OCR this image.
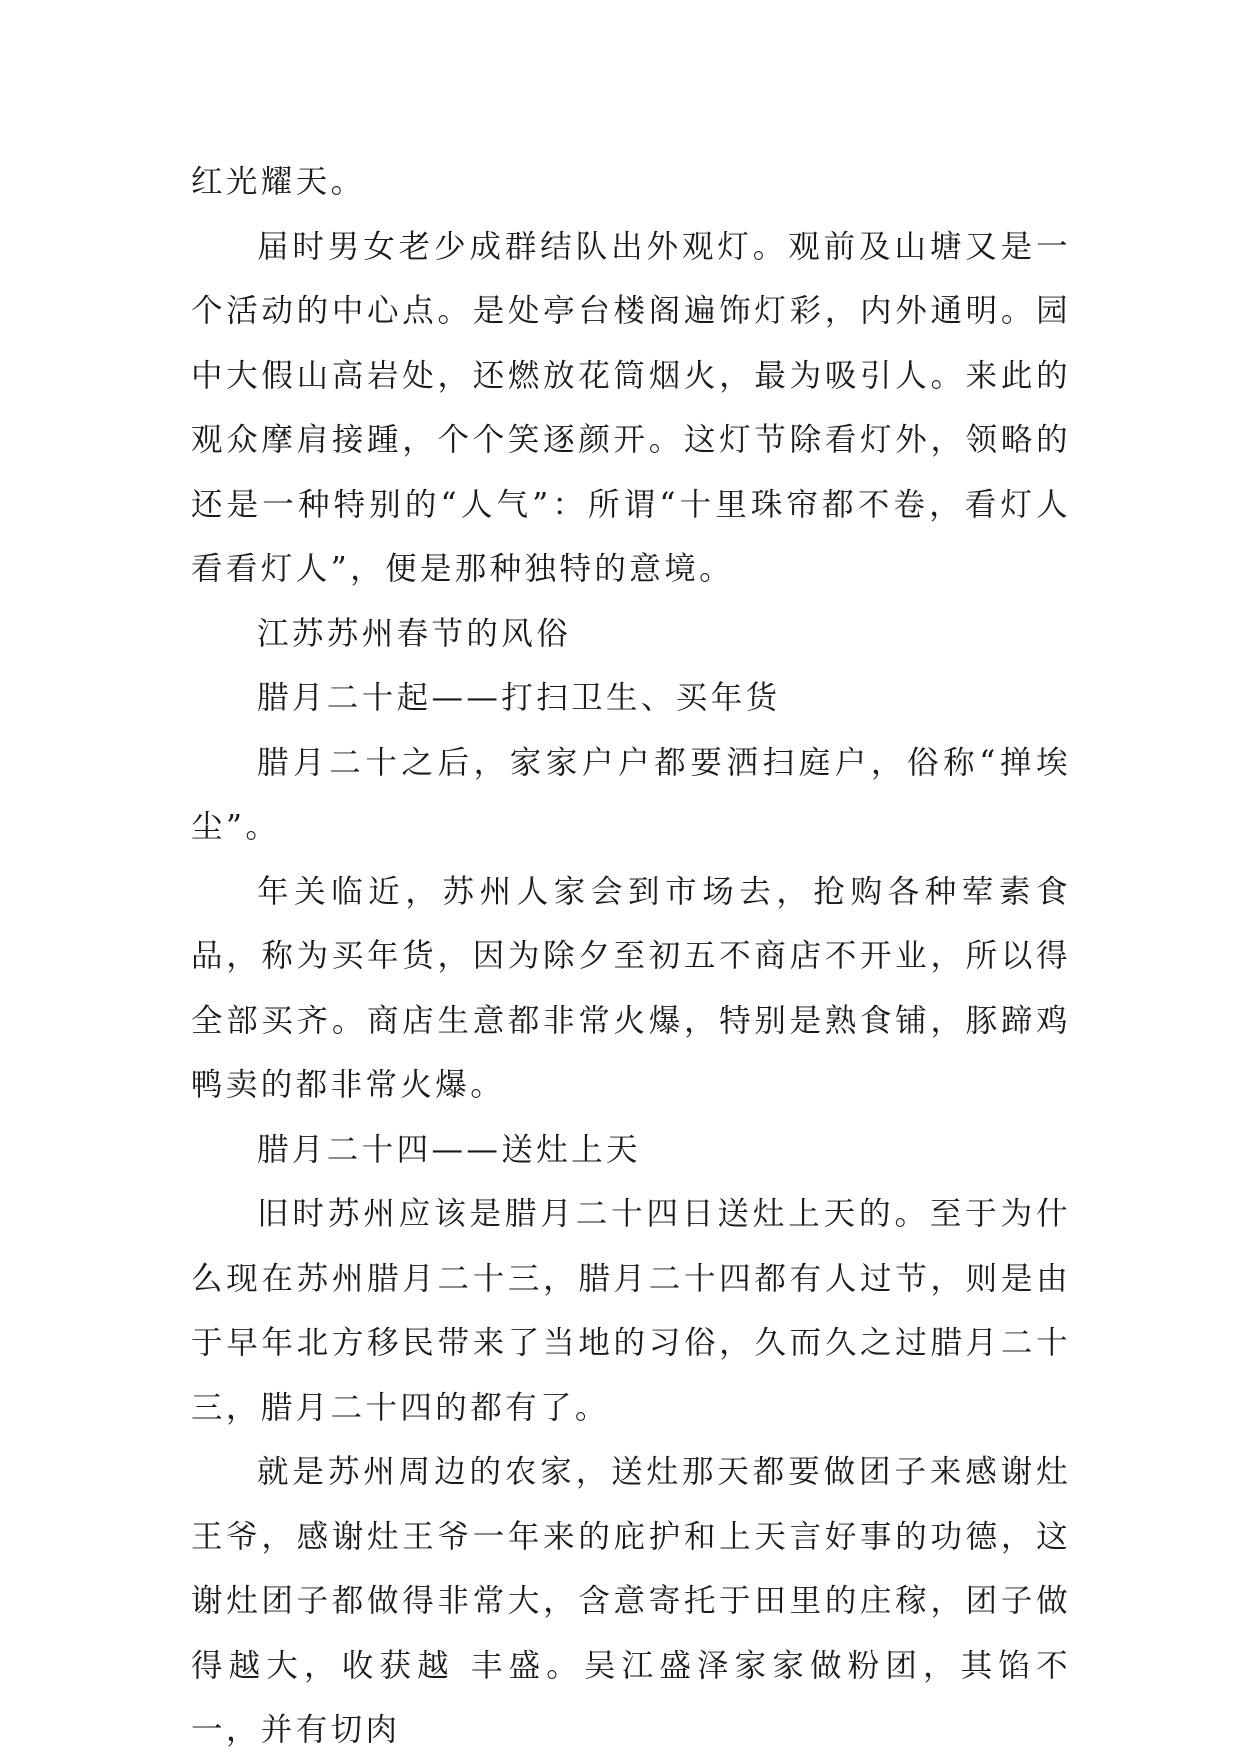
红光耀天。

届时男女老少成群结队出外观灯。观前及山塘又是一个活动的中心点。是处亭台楼阁遍饰灯彩，内外通明。园中大假山高岩处，还燃放花筒烟火，最为吸引人。来此的 观众摩肩接踵，个个笑逐颜开。这灯节除看灯外，领略的还是一种特别的“人气”：所谓“十里珠帘都不卷，看灯人看看灯人”，便是那种独特的意境。

江苏苏州春节的风俗

腊月二十起——打扫卫生、买年货

腊月二十之后，家家户户都要洒扫庭户，俗称“掸埃尘”。

年关临近，苏州人家会到市场去，抢购各种荤素食品，称为买年货，因为除夕至初五不商店不开业，所以得全部买齐。商店生意都非常火爆，特别是熟食铺，豚蹄鸡鸭卖的都非常火爆。

腊月二十四——送灶上天

旧时苏州应该是腊月二十四日送灶上天的。至于为什么现在苏州腊月二十三，腊月二十四都有人过节，则是由于早年北方移民带来了当地的习俗，久而久之过腊月二十三，腊月二十四的都有了。

就是苏州周边的农家，送灶那天都要做团子来感谢灶王爷，感谢灶王爷一年来的庇护和上天言好事的功德，这谢灶团子都做得非常大，含意寄托于田里的庄稼，团子做得越大，收获越 丰盛。吴江盛泽家家做粉团，其馅不一，并有切肉
